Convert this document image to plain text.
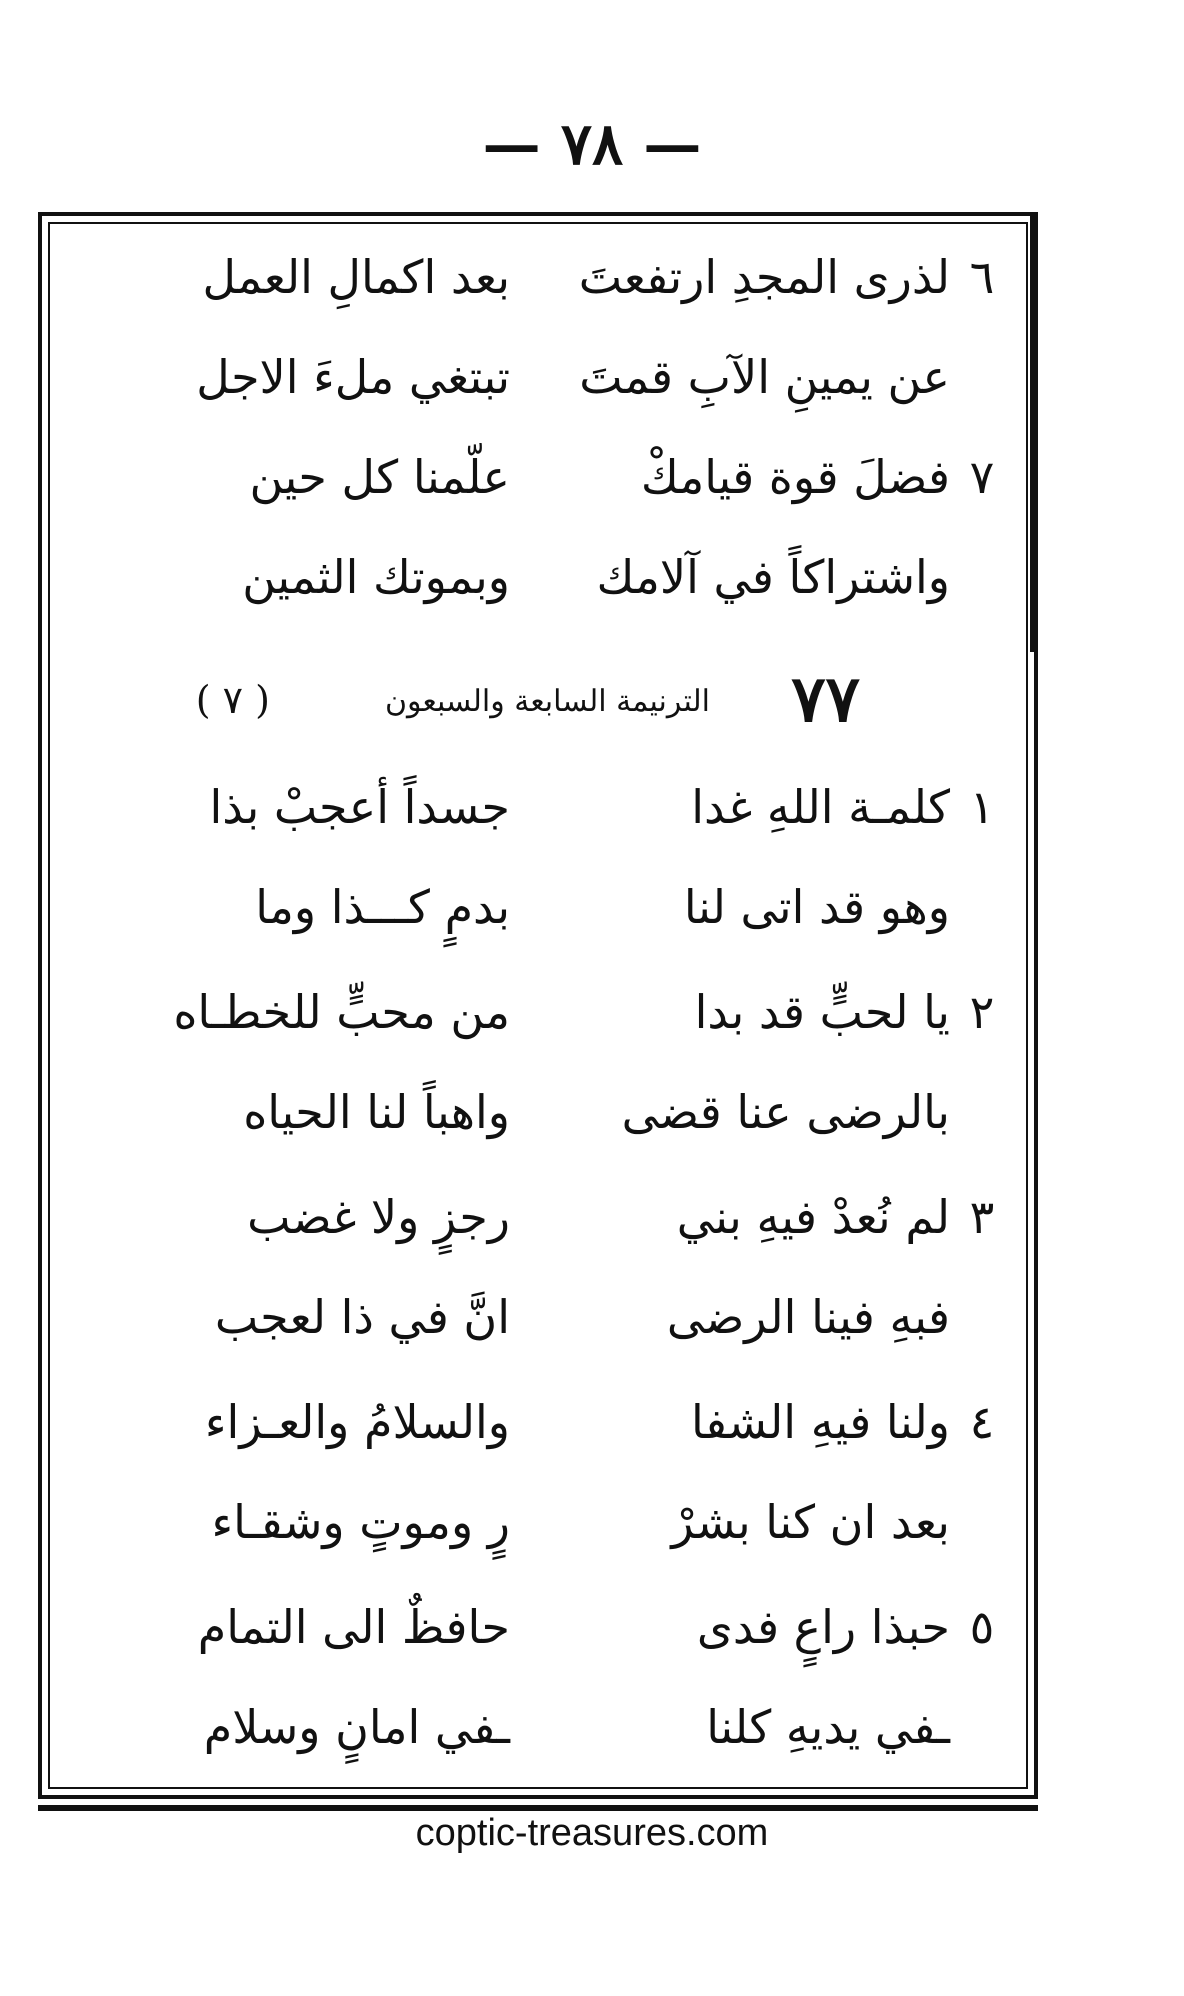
— ٧٨ —
٦
لذرى المجدِ ارتفعتَ
بعد اكمالِ العمل
عن يمينِ الآبِ قمتَ
تبتغي ملءَ الاجل
٧
فضلَ قوة قيامكْ
علّمنا كل حين
واشتراكاً في آلامك
وبموتك الثمين
٧٧
الترنيمة السابعة والسبعون
( ٧ )
١
كلمـة اللهِ غدا
جسداً أعجبْ بذا
وهو قد اتى لنا
بدمٍ كـــذا وما
٢
يا لحبٍّ قد بدا
من محبٍّ للخطـاه
بالرضى عنا قضى
واهباً لنا الحياه
٣
لم نُعدْ فيهِ بني
رجزٍ ولا غضب
فبهِ فينا الرضى
انَّ في ذا لعجب
٤
ولنا فيهِ الشفا
والسلامُ والعـزاء
بعد ان كنا بشرْ
رٍ وموتٍ وشقـاء
٥
حبذا راعٍ فدى
حافظٌ الى التمام
ـفي يديهِ كلنا
ـفي امانٍ وسلام
coptic-treasures.com
